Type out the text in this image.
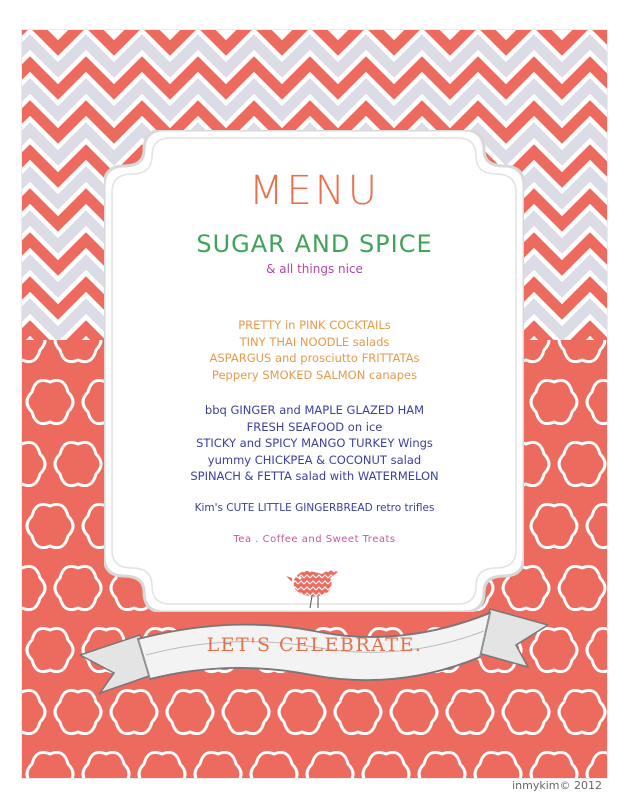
MENU
SUGAR AND SPICE
& all things nice
PRETTY in PINK COCKTAILs
TINY THAI NOODLE salads
ASPARGUS and prosciutto FRITTATAs
Peppery SMOKED SALMON canapes
bbq GINGER and MAPLE GLAZED HAM
FRESH SEAFOOD on ice
STICKY and SPICY MANGO TURKEY Wings
yummy CHICKPEA & COCONUT salad
SPINACH & FETTA salad with WATERMELON
Kim's CUTE LITTLE GINGERBREAD retro trifles
Tea . Coffee and Sweet Treats
LET'S CELEBRATE.
inmykim© 2012
